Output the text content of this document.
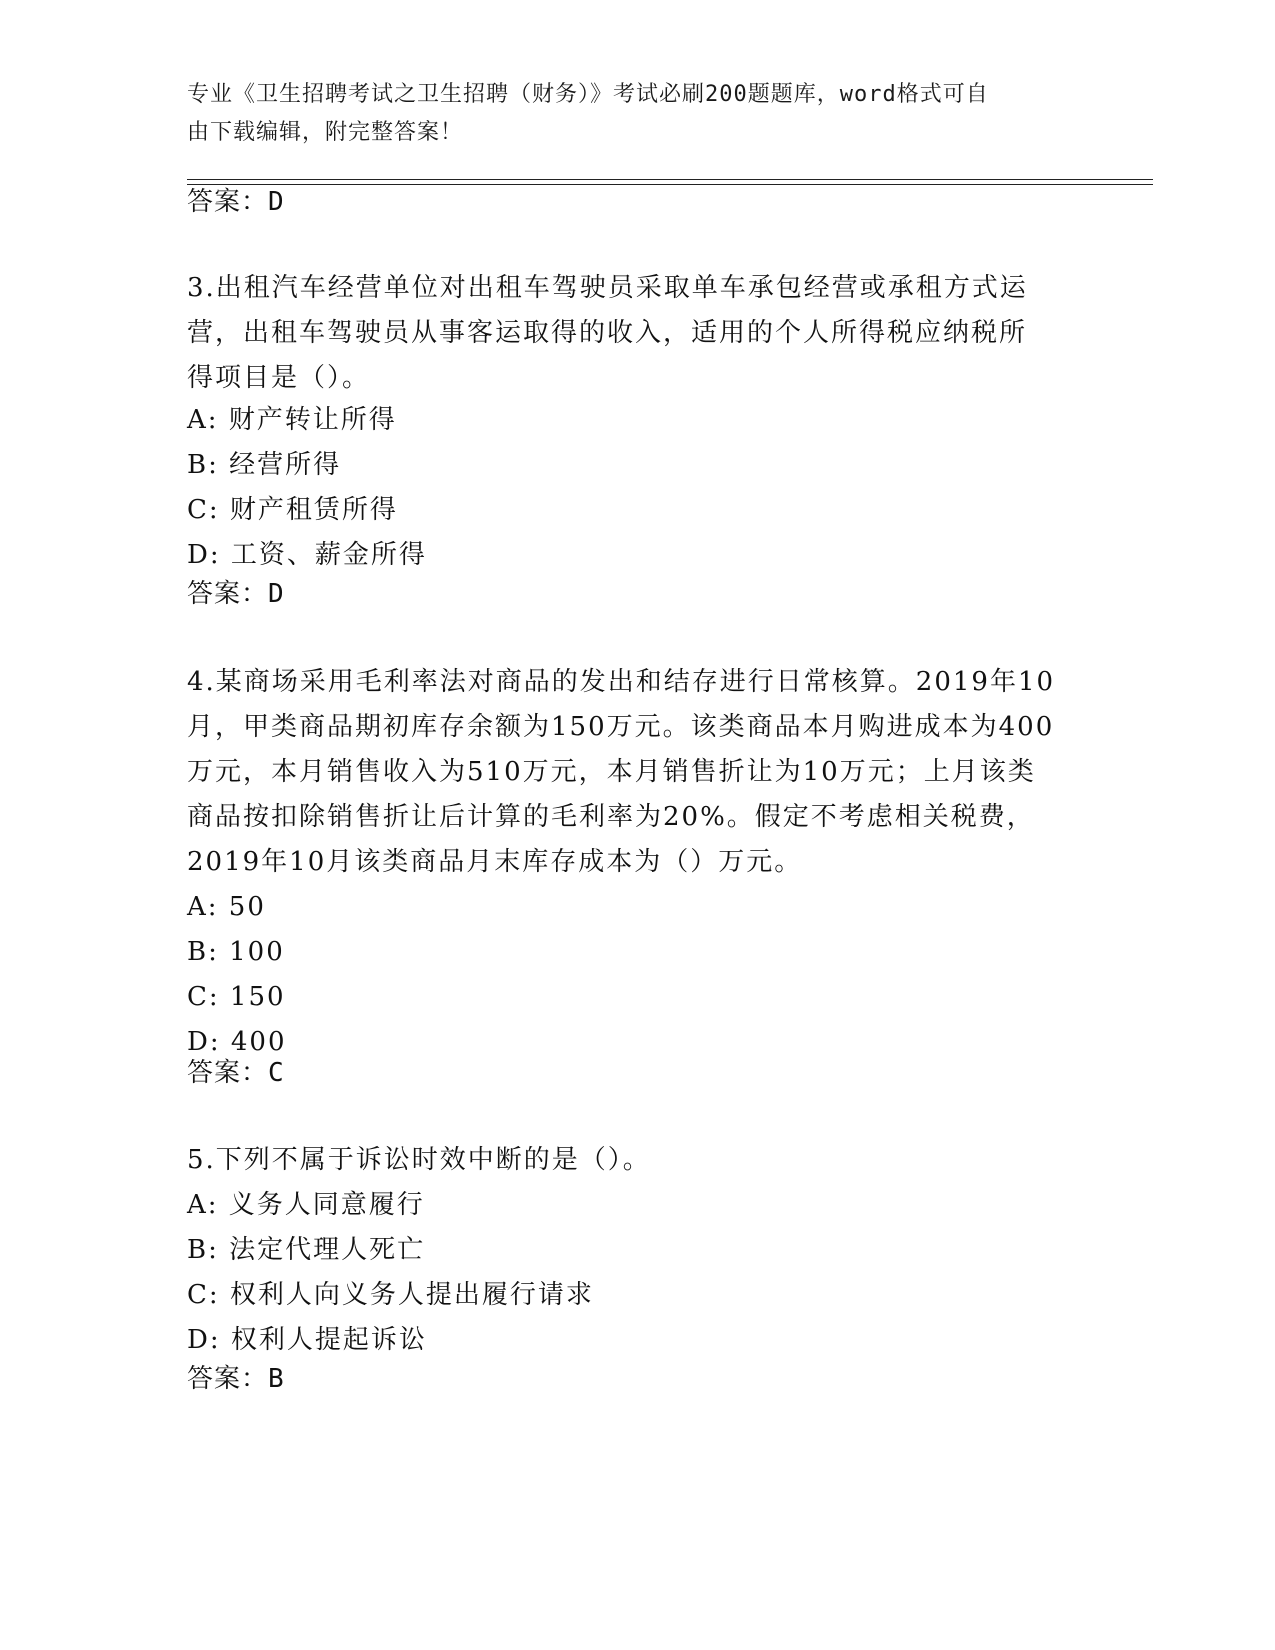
专业《卫生招聘考试之卫生招聘（财务）》考试必刷200题题库，word格式可自
由下载编辑，附完整答案！
答案：D

3.出租汽车经营单位对出租车驾驶员采取单车承包经营或承租方式运

营，出租车驾驶员从事客运取得的收入，适用的个人所得税应纳税所

得项目是（）。

A: 财产转让所得

B: 经营所得

C: 财产租赁所得

D: 工资、薪金所得

答案：D

4.某商场采用毛利率法对商品的发出和结存进行日常核算。2019年10

月，甲类商品期初库存余额为150万元。该类商品本月购进成本为400

万元，本月销售收入为510万元，本月销售折让为10万元；上月该类

商品按扣除销售折让后计算的毛利率为20%。假定不考虑相关税费，

2019年10月该类商品月末库存成本为（）万元。

A: 50

B: 100

C: 150

D: 400

答案：C

5.下列不属于诉讼时效中断的是（）。

A: 义务人同意履行

B: 法定代理人死亡

C: 权利人向义务人提出履行请求

D: 权利人提起诉讼

答案：B
